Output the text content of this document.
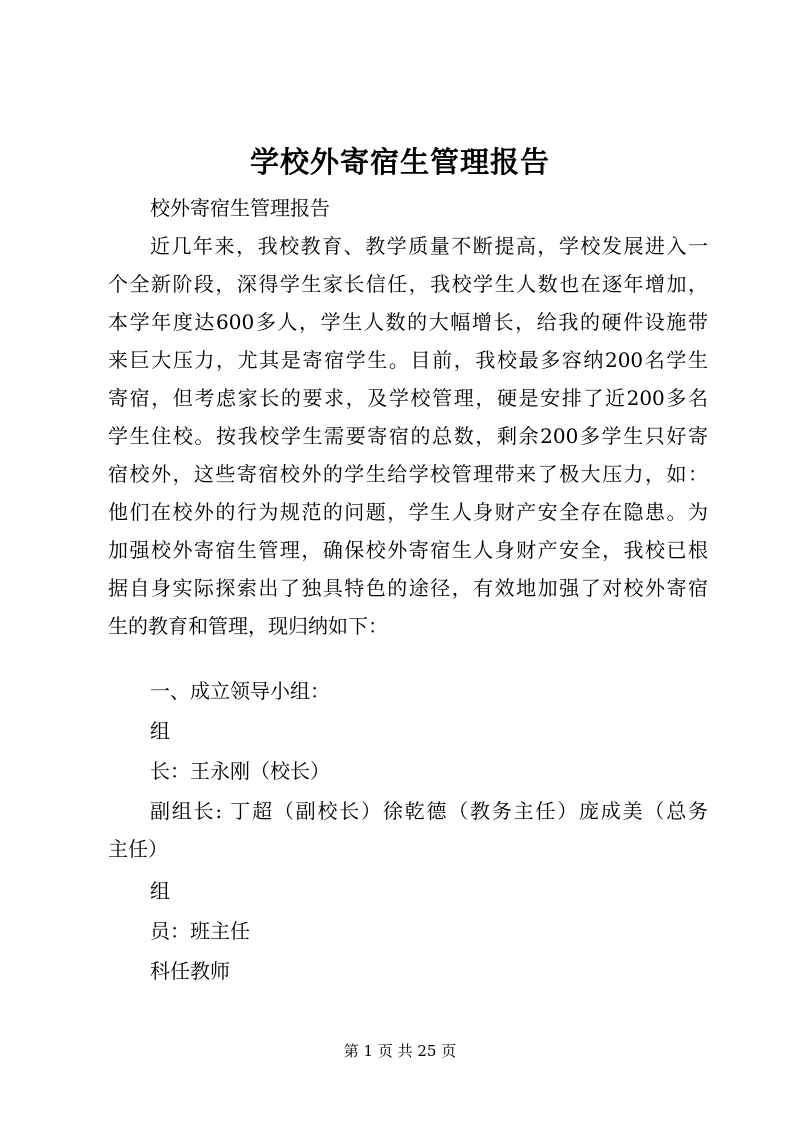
学校外寄宿生管理报告
校外寄宿生管理报告
近几年来，我校教育、教学质量不断提高，学校发展进入一
个全新阶段，深得学生家长信任，我校学生人数也在逐年增加，
本学年度达600多人，学生人数的大幅增长，给我的硬件设施带
来巨大压力，尤其是寄宿学生。目前，我校最多容纳200名学生
寄宿，但考虑家长的要求，及学校管理，硬是安排了近200多名
学生住校。按我校学生需要寄宿的总数，剩余200多学生只好寄
宿校外，这些寄宿校外的学生给学校管理带来了极大压力，如：
他们在校外的行为规范的问题，学生人身财产安全存在隐患。为
加强校外寄宿生管理，确保校外寄宿生人身财产安全，我校已根
据自身实际探索出了独具特色的途径，有效地加强了对校外寄宿
生的教育和管理，现归纳如下：
一、成立领导小组：
组
长：王永刚（校长）
副组长: 丁超（副校长）徐乾德（教务主任）庞成美（总务
主任）
组
员：班主任
科任教师
第 1 页 共 25 页
